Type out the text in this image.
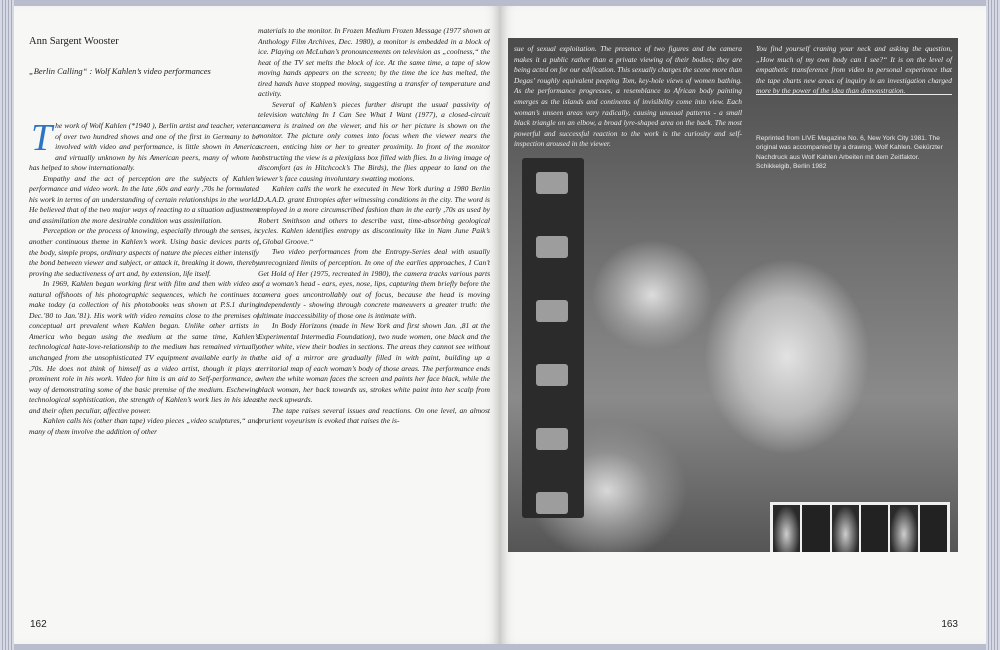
Ann Sargent Wooster
„Berlin Calling“ : Wolf Kahlen’s video performances

The work of Wolf Kahlen (*1940 ), Berlin artist and teacher, veteran of over two hundred shows and one of the first in Germany to be involved with video and performance, is little shown in America and virtually unknown by his American peers, many of whom he has helped to show internationally.

Empathy and the act of perception are the subjects of Kahlen’s performance and video work. In the late ,60s and early ,70s he formulated his work in terms of an understanding of certain relationships in the world. He believed that of the two major ways of reacting to a situation adjustment and assimilation the more desirable condition was assimilation.

Perception or the process of knowing, especially through the senses, is another continuous theme in Kahlen’s work. Using basic devices parts of the body, simple props, ordinary aspects of nature the pieces either intensify the bond between viewer and subject, or attack it, breaking it down, thereby proving the seductiveness of art and, by extension, life itself.

In 1969, Kahlen began working first with film and then with video as natural offshoots of his photographic sequences, which he continues to make today (a collection of his photobooks was shown at P.S.1 during Dec.’80 to Jan.’81). His work with video remains close to the premises of conceptual art prevalent when Kahlen began. Unlike other artists in America who began using the medium at the same time, Kahlen’s technological hate-love-relationship to the medium has remained virtually unchanged from the unsophisticated TV equipment available early in the ,70s. He does not think of himself as a video artist, though it plays a prominent role in his work. Video for him is an aid to Self-performance, a way of demonstrating some of the basic premise of the medium. Eschewing technological sophistication, the strength of Kahlen’s work lies in his ideas and their often peculiar, affective power.

Kahlen calls his (other than tape) video pieces „video sculptures,“ and many of them involve the addition of other

materials to the monitor. In Frozen Medium Frozen Message (1977 shown at Anthology Film Archives, Dec. 1980), a monitor is embedded in a block of ice. Playing on McLuhan’s pronouncements on television as „coolness,“ the heat of the TV set melts the block of ice. At the same time, a tape of slow moving hands appears on the screen; by the time the ice has melted, the tired hands have stopped moving, suggesting a transfer of temperature and activity.

Several of Kahlen’s pieces further disrupt the usual passivity of television watching In I Can See What I Want (1977), a closed-circuit camera is trained on the viewer, and his or her picture is shown on the monitor. The picture only comes into focus when the viewer nears the screen, enticing him or her to greater proximity. In front of the monitor obstructing the view is a plexiglass box filled with flies. In a living image of discomfort (as in Hitchcock’s The Birds), the flies appear to land on the viewer’s face causing involuntary swatting motions.

Kahlen calls the work he executed in New York during a 1980 Berlin D.A.A.D. grant Entropies after witnessing conditions in the city. The word is employed in a more circumscribed fashion than in the early ,70s as used by Robert Smithson and others to describe vast, time-absorbing geological cycles. Kahlen identifies entropy as discontinuity like in Nam June Paik’s „Global Groove.“

Two video performances from the Entropy-Series deal with usually unrecognized limits of perception. In one of the earlies approaches, I Can’t Get Hold of Her (1975, recreated in 1980), the camera tracks various parts of a woman’s head - ears, eyes, nose, lips, capturing them briefly before the camera goes uncontrollably out of focus, because the head is moving independently - showing through concrete maneuvers a greater truth: the ultimate inaccessibility of those one is intimate with.

In Body Horizons (made in New York and first shown Jan. ,81 at the Experimental Intermedia Foundation), two nude women, one black and the other white, view their bodies in sections. The areas they cannot see without the aid of a mirror are gradually filled in with paint, building up a territorial map of each woman’s body of those areas. The performance ends when the white woman faces the screen and paints her face black, while the black woman, her back towards us, strokes white paint into her scalp from the neck upwards.

The tape raises several issues and reactions. On one level, an almost prurient voyeurism is evoked that raises the is-

162
sue of sexual exploitation. The presence of two figures and the camera makes it a public rather than a private viewing of their bodies; they are being acted on for our edification. This sexually charges the scene more than Degas’ roughly equivalent peeping Tom, key-hole views of women bathing. As the performance progresses, a resemblance to African body painting emerges as the islands and continents of invisibility come into view. Each woman’s unseen areas vary radically, causing unusual patterns - a small black triangle on an elbow, a broad lyre-shaped area on the back. The most powerful and successful reaction to the work is the curiosity and self-inspection aroused in the viewer.
You find yourself craning your neck and asking the question, „How much of my own body can I see?“ It is on the level of empathetic transference from video to personal experience that the tape charts new areas of inquiry in an investigation charged more by the power of the idea than demonstration.
Reprinted from LIVE Magazine No. 6, New York City 1981. The original was accompanied by a drawing. Wolf Kahlen. Gekürzter Nachdruck aus Wolf Kahlen Arbeiten mit dem Zeitfaktor. Schikkelgib, Berlin 1982
163
